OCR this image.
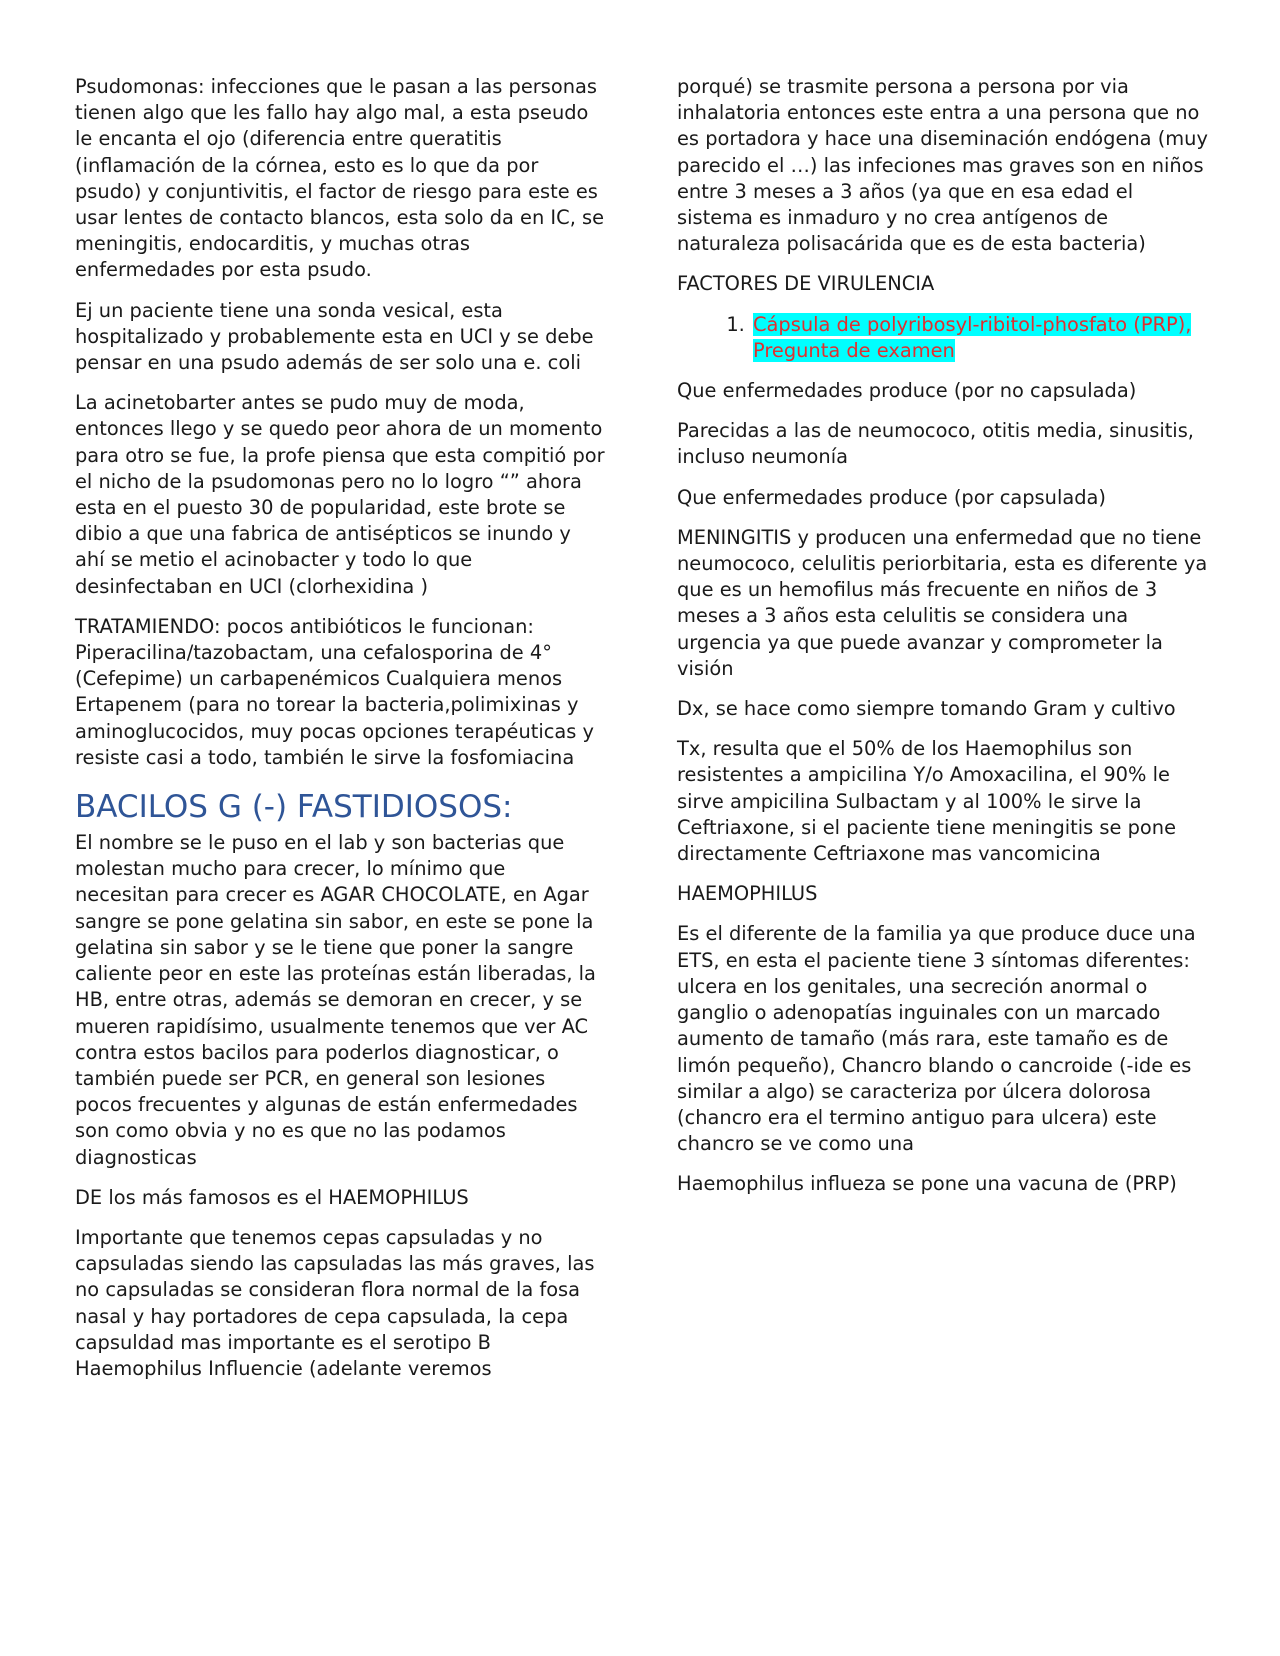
Psudomonas: infecciones que le pasan a las personas tienen algo que les fallo hay algo mal, a esta pseudo le encanta el ojo (diferencia entre queratitis (inflamación de la córnea, esto es lo que da por psudo) y conjuntivitis, el factor de riesgo para este es usar lentes de contacto blancos, esta solo da en IC, se meningitis, endocarditis, y muchas otras enfermedades por esta psudo.

Ej un paciente tiene una sonda vesical, esta hospitalizado y probablemente esta en UCI y se debe pensar en una psudo además de ser solo una e. coli

La acinetobarter antes se pudo muy de moda, entonces llego y se quedo peor ahora de un momento para otro se fue, la profe piensa que esta compitió por el nicho de la psudomonas pero no lo logro “” ahora esta en el puesto 30 de popularidad, este brote se dibio a que una fabrica de antisépticos se inundo y ahí se metio el acinobacter y todo lo que desinfectaban en UCI (clorhexidina )

TRATAMIENDO: pocos antibióticos le funcionan: Piperacilina/tazobactam, una cefalosporina de 4° (Cefepime) un carbapenémicos Cualquiera menos Ertapenem (para no torear la bacteria,polimixinas y aminoglucocidos, muy pocas opciones terapéuticas y resiste casi a todo, también le sirve la fosfomiacina

BACILOS G (-) FASTIDIOSOS:

El nombre se le puso en el lab y son bacterias que molestan mucho para crecer, lo mínimo que necesitan para crecer es AGAR CHOCOLATE, en Agar sangre se pone gelatina sin sabor, en este se pone la gelatina sin sabor y se le tiene que poner la sangre caliente peor en este las proteínas están liberadas, la HB, entre otras, además se demoran en crecer, y se mueren rapidísimo, usualmente tenemos que ver AC contra estos bacilos para poderlos diagnosticar, o también puede ser PCR, en general son lesiones pocos frecuentes y algunas de están enfermedades son como obvia y no es que no las podamos diagnosticas

DE los más famosos es el HAEMOPHILUS

Importante que tenemos cepas capsuladas y no capsuladas siendo las capsuladas las más graves, las no capsuladas se consideran flora normal de la fosa nasal y hay portadores de cepa capsulada, la cepa capsuldad mas importante es el serotipo B Haemophilus Influencie (adelante veremos

porqué) se trasmite persona a persona por via inhalatoria entonces este entra a una persona que no es portadora y hace una diseminación endógena (muy parecido el …) las infeciones mas graves son en niños entre 3 meses a 3 años (ya que en esa edad el sistema es inmaduro y no crea antígenos de naturaleza polisacárida que es de esta bacteria)

FACTORES DE VIRULENCIA

1. Cápsula de polyribosyl-ribitol-phosfato (PRP), Pregunta de examen

Que enfermedades produce (por no capsulada)

Parecidas a las de neumococo, otitis media, sinusitis, incluso neumonía

Que enfermedades produce (por capsulada)

MENINGITIS y producen una enfermedad que no tiene neumococo, celulitis periorbitaria, esta es diferente ya que es un hemofilus más frecuente en niños de 3 meses a 3 años esta celulitis se considera una urgencia ya que puede avanzar y comprometer la visión

Dx, se hace como siempre tomando Gram y cultivo

Tx, resulta que el 50% de los Haemophilus son resistentes a ampicilina Y/o Amoxacilina, el 90% le sirve ampicilina Sulbactam y al 100% le sirve la Ceftriaxone, si el paciente tiene meningitis se pone directamente Ceftriaxone mas vancomicina

HAEMOPHILUS

Es el diferente de la familia ya que produce duce una ETS, en esta el paciente tiene 3 síntomas diferentes: ulcera en los genitales, una secreción anormal o ganglio o adenopatías inguinales con un marcado aumento de tamaño (más rara, este tamaño es de limón pequeño), Chancro blando o cancroide (-ide es similar a algo) se caracteriza por úlcera dolorosa (chancro era el termino antiguo para ulcera) este chancro se ve como una

Haemophilus influeza se pone una vacuna de (PRP)
